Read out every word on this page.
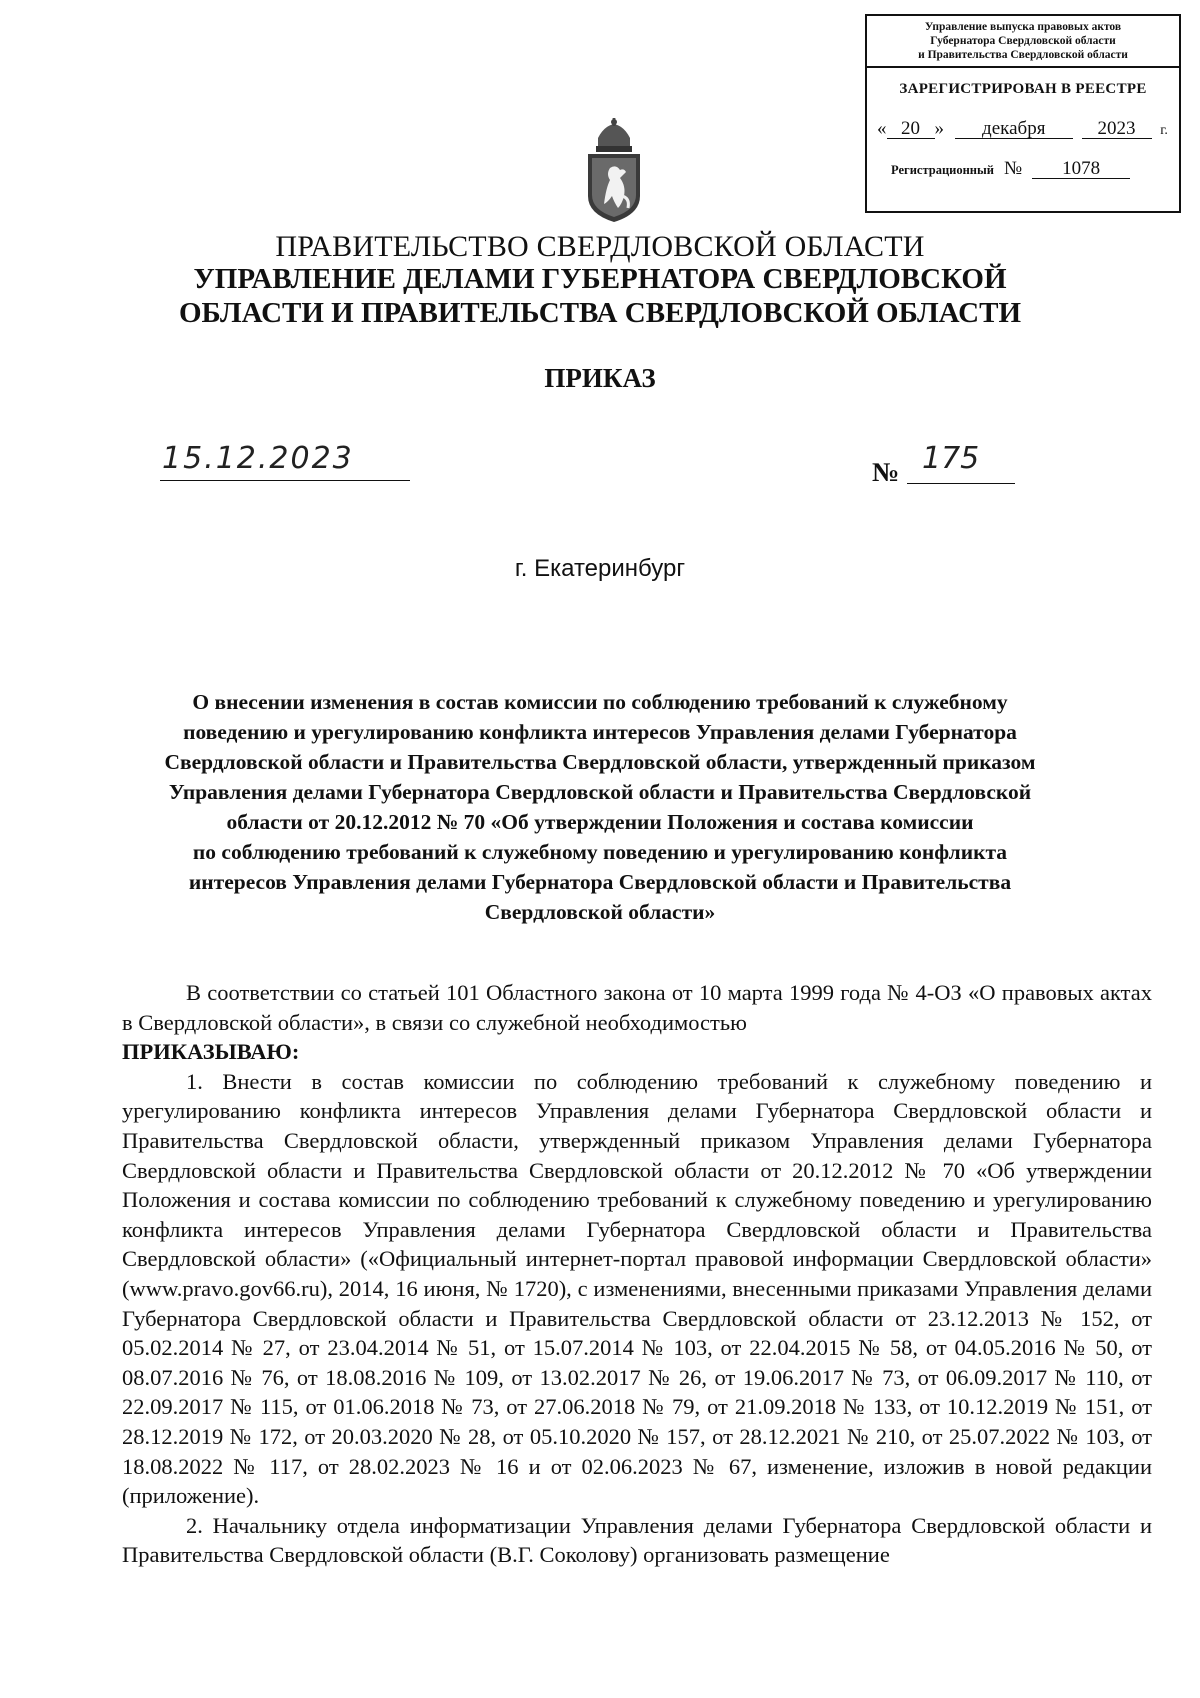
Управление выпуска правовых актов
Губернатора Свердловской области
и Правительства Свердловской области
ЗАРЕГИСТРИРОВАН В РЕЕСТРЕ
« 20 » декабря	2023 г.
Регистрационный № 1078
ПРАВИТЕЛЬСТВО СВЕРДЛОВСКОЙ ОБЛАСТИ
УПРАВЛЕНИЕ ДЕЛАМИ ГУБЕРНАТОРА СВЕРДЛОВСКОЙ
ОБЛАСТИ И ПРАВИТЕЛЬСТВА СВЕРДЛОВСКОЙ ОБЛАСТИ
ПРИКАЗ
15.12.2023	№ 175
г. Екатеринбург
О внесении изменения в состав комиссии по соблюдению требований к служебному
поведению и урегулированию конфликта интересов Управления делами Губернатора
Свердловской области и Правительства Свердловской области, утвержденный приказом
Управления делами Губернатора Свердловской области и Правительства Свердловской
области от 20.12.2012 № 70 «Об утверждении Положения и состава комиссии
по соблюдению требований к служебному поведению и урегулированию конфликта
интересов Управления делами Губернатора Свердловской области и Правительства
Свердловской области»

В соответствии со статьей 101 Областного закона от 10 марта 1999 года № 4-ОЗ «О правовых актах в Свердловской области», в связи со служебной необходимостью

ПРИКАЗЫВАЮ:

1. Внести в состав комиссии по соблюдению требований к служебному поведению и урегулированию конфликта интересов Управления делами Губернатора Свердловской области и Правительства Свердловской области, утвержденный приказом Управления делами Губернатора Свердловской области и Правительства Свердловской области от 20.12.2012 № 70 «Об утверждении Положения и состава комиссии по соблюдению требований к служебному поведению и урегулированию конфликта интересов Управления делами Губернатора Свердловской области и Правительства Свердловской области» («Официальный интернет-портал правовой информации Свердловской области» (www.pravo.gov66.ru), 2014, 16 июня, № 1720), с изменениями, внесенными приказами Управления делами Губернатора Свердловской области и Правительства Свердловской области от 23.12.2013 № 152, от 05.02.2014 № 27, от 23.04.2014 № 51, от 15.07.2014 № 103, от 22.04.2015 № 58, от 04.05.2016 № 50, от 08.07.2016 № 76, от 18.08.2016 № 109, от 13.02.2017 № 26, от 19.06.2017 № 73, от 06.09.2017 № 110, от 22.09.2017 № 115, от 01.06.2018 № 73, от 27.06.2018 № 79, от 21.09.2018 № 133, от 10.12.2019 № 151, от 28.12.2019 № 172, от 20.03.2020 № 28, от 05.10.2020 № 157, от 28.12.2021 № 210, от 25.07.2022 № 103, от 18.08.2022 № 117, от 28.02.2023 № 16 и от 02.06.2023 № 67, изменение, изложив в новой редакции (приложение).

2. Начальнику отдела информатизации Управления делами Губернатора Свердловской области и Правительства Свердловской области (В.Г. Соколову) организовать размещение
